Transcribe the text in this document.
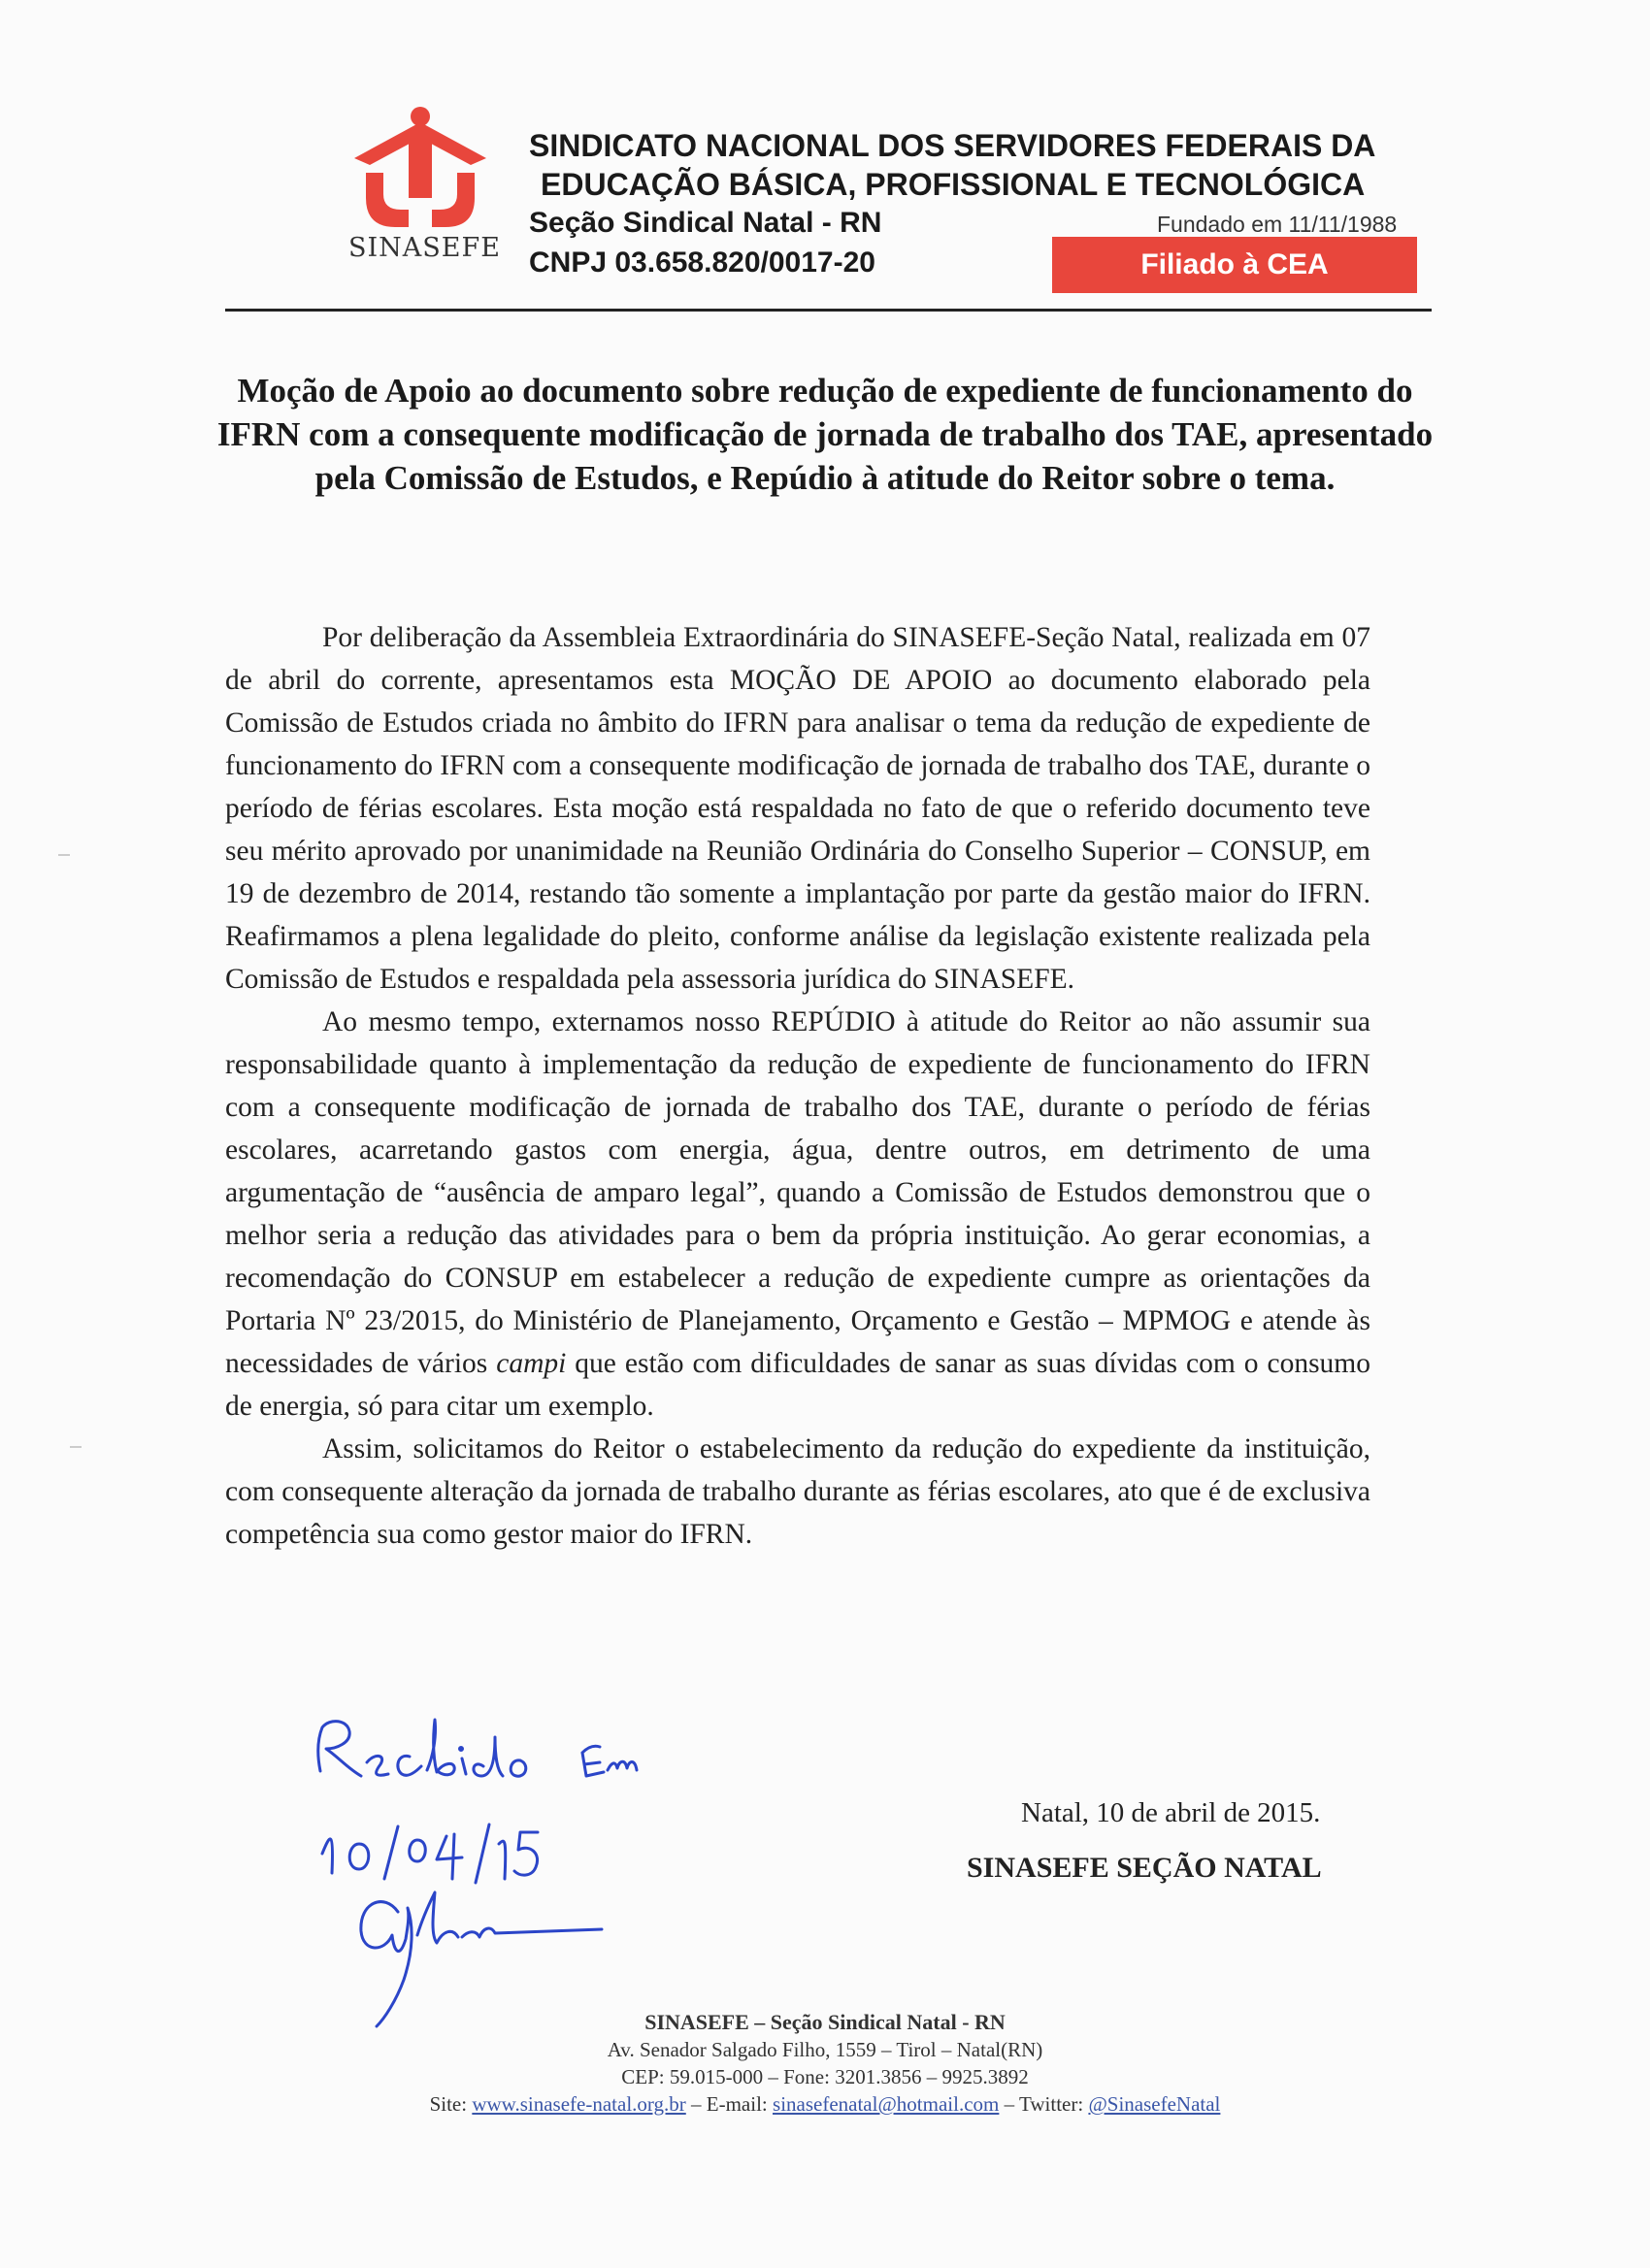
SINASEFE
SINDICATO NACIONAL DOS SERVIDORES FEDERAIS DA
EDUCAÇÃO BÁSICA, PROFISSIONAL E TECNOLÓGICA
Seção Sindical Natal - RN
CNPJ 03.658.820/0017-20
Fundado em 11/11/1988
Filiado à CEA
Moção de Apoio ao documento sobre redução de expediente de funcionamento do IFRN com a consequente modificação de jornada de trabalho dos TAE, apresentado pela Comissão de Estudos, e Repúdio à atitude do Reitor sobre o tema.

Por deliberação da Assembleia Extraordinária do SINASEFE-Seção Natal, realizada em 07 de abril do corrente, apresentamos esta MOÇÃO DE APOIO ao documento elaborado pela Comissão de Estudos criada no âmbito do IFRN para analisar o tema da redução de expediente de funcionamento do IFRN com a consequente modificação de jornada de trabalho dos TAE, durante o período de férias escolares. Esta moção está respaldada no fato de que o referido documento teve seu mérito aprovado por unanimidade na Reunião Ordinária do Conselho Superior – CONSUP, em 19 de dezembro de 2014, restando tão somente a implantação por parte da gestão maior do IFRN. Reafirmamos a plena legalidade do pleito, conforme análise da legislação existente realizada pela Comissão de Estudos e respaldada pela assessoria jurídica do SINASEFE.

Ao mesmo tempo, externamos nosso REPÚDIO à atitude do Reitor ao não assumir sua responsabilidade quanto à implementação da redução de expediente de funcionamento do IFRN com a consequente modificação de jornada de trabalho dos TAE, durante o período de férias escolares, acarretando gastos com energia, água, dentre outros, em detrimento de uma argumentação de “ausência de amparo legal”, quando a Comissão de Estudos demonstrou que o melhor seria a redução das atividades para o bem da própria instituição. Ao gerar economias, a recomendação do CONSUP em estabelecer a redução de expediente cumpre as orientações da Portaria Nº 23/2015, do Ministério de Planejamento, Orçamento e Gestão – MPMOG e atende às necessidades de vários campi que estão com dificuldades de sanar as suas dívidas com o consumo de energia, só para citar um exemplo.

Assim, solicitamos do Reitor o estabelecimento da redução do expediente da instituição, com consequente alteração da jornada de trabalho durante as férias escolares, ato que é de exclusiva competência sua como gestor maior do IFRN.

Natal, 10 de abril de 2015.
SINASEFE SEÇÃO NATAL
SINASEFE – Seção Sindical Natal - RN
Av. Senador Salgado Filho, 1559 – Tirol – Natal(RN)
CEP: 59.015-000 – Fone: 3201.3856 – 9925.3892
Site: www.sinasefe-natal.org.br – E-mail: sinasefenatal@hotmail.com – Twitter: @SinasefeNatal
